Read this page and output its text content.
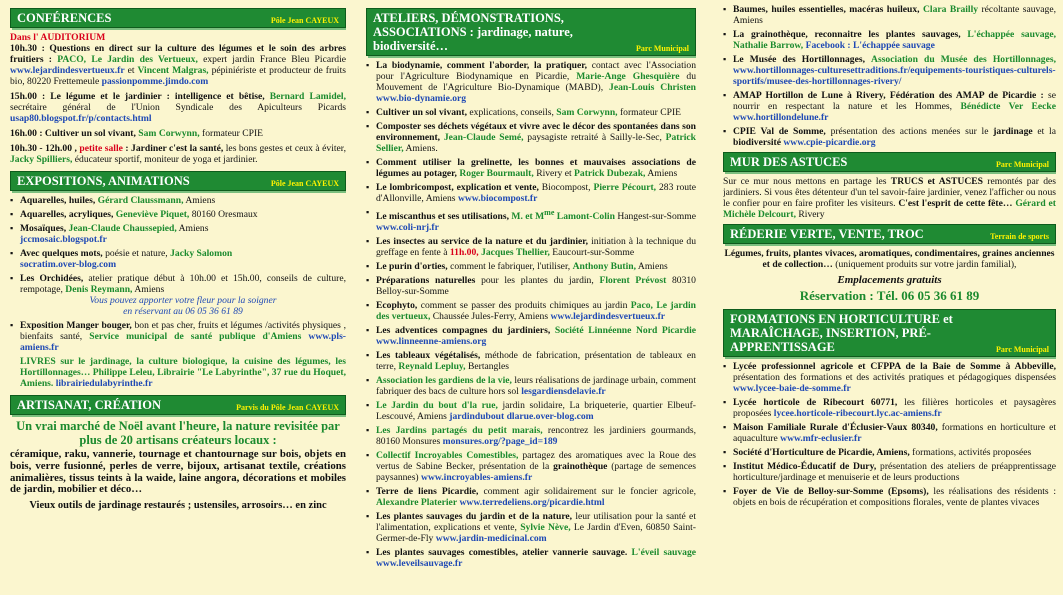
CONFÉRENCES	Pôle Jean CAYEUX
Dans l' AUDITORIUM

10h.30 : Questions en direct sur la culture des légumes et le soin des arbres fruitiers : PACO, Le Jardin des Vertueux, expert jardin France Bleu Picardie www.lejardindesvertueux.fr et Vincent Malgras, pépiniériste et producteur de fruits bio, 80220 Frettemeule passionpomme.jimdo.com

15h.00 : Le légume et le jardinier : intelligence et bêtise, Bernard Lamidel, secrétaire général de l'Union Syndicale des Apiculteurs Picards usap80.blogspot.fr/p/contacts.html

16h.00 : Cultiver un sol vivant, Sam Corwynn, formateur CPIE

10h.30 - 12h.00 , petite salle : Jardiner c'est la santé, les bons gestes et ceux à éviter, Jacky Spilliers, éducateur sportif, moniteur de yoga et jardinier.

EXPOSITIONS, ANIMATIONS	Pôle Jean CAYEUX
▪ Aquarelles, huiles, Gérard Claussmann, Amiens
▪ Aquarelles, acryliques, Geneviève Piquet, 80160 Oresmaux
▪ Mosaïques, Jean-Claude Chaussepied, Amiens
jccmosaic.blogspot.fr
▪ Avec quelques mots, poésie et nature, Jacky Salomon
socratim.over-blog.com
▪ Les Orchidées, atelier pratique début à 10h.00 et 15h.00, conseils de culture, rempotage, Denis Reymann, Amiens

Vous pouvez apporter votre fleur pour la soigner
en réservant au 06 05 36 61 89
▪ Exposition Manger bouger, bon et pas cher, fruits et légumes /activités physiques , bienfaits santé, Service municipal de santé publique d'Amiens www.pls-amiens.fr

LIVRES sur le jardinage, la culture biologique, la cuisine des légumes, les Hortillonnages… Philippe Leleu, Librairie "Le Labyrinthe", 37 rue du Hoquet, Amiens. librairiedulabyrinthe.fr

ARTISANAT, CRÉATION	Parvis du Pôle Jean CAYEUX
Un vrai marché de Noël avant l'heure, la nature revisitée par plus de 20 artisans créateurs locaux :
céramique, raku, vannerie, tournage et chantournage sur bois, objets en bois, verre fusionné, perles de verre, bijoux, artisanat textile, créations animalières, tissus teints à la waide, laine angora, décorations et mobiles de jardin, mobilier et déco…
Vieux outils de jardinage restaurés ; ustensiles, arrosoirs… en zinc
ATELIERS, DÉMONSTRATIONS, ASSOCIATIONS : jardinage, nature, biodiversité…	Parc Municipal
▪ La biodynamie, comment l'aborder, la pratiquer, contact avec l'Association pour l'Agriculture Biodynamique en Picardie, Marie-Ange Ghesquière du Mouvement de l'Agriculture Bio-Dynamique (MABD), Jean-Louis Christen www.bio-dynamie.org
▪ Cultiver un sol vivant, explications, conseils, Sam Corwynn, formateur CPIE
▪ Composter ses déchets végétaux et vivre avec le décor des spontanées dans son environnement, Jean-Claude Semé, paysagiste retraité à Sailly-le-Sec, Patrick Sellier, Amiens.
▪ Comment utiliser la grelinette, les bonnes et mauvaises associations de légumes au potager, Roger Bourmault, Rivery et Patrick Dubezak, Amiens
▪ Le lombricompost, explication et vente, Biocompost, Pierre Pécourt, 283 route d'Allonville, Amiens www.biocompost.fr
▪ Le miscanthus et ses utilisations, M. et $M^{me}$ Lamont-Colin Hangest-sur-Somme www.coli-nrj.fr
▪ Les insectes au service de la nature et du jardinier, initiation à la technique du greffage en fente à 11h.00, Jacques Thellier, Eaucourt-sur-Somme
▪ Le purin d'orties, comment le fabriquer, l'utiliser, Anthony Butin, Amiens
▪ Préparations naturelles pour les plantes du jardin, Florent Prévost 80310 Belloy-sur-Somme
▪ Ecophyto, comment se passer des produits chimiques au jardin Paco, Le jardin des vertueux, Chaussée Jules-Ferry, Amiens www.lejardindesvertueux.fr
▪ Les adventices compagnes du jardiniers, Société Linnéenne Nord Picardie www.linneenne-amiens.org
▪ Les tableaux végétalisés, méthode de fabrication, présentation de tableaux en terre, Reynald Lepluy, Bertangles
▪ Association les gardiens de la vie, leurs réalisations de jardinage urbain, comment fabriquer des bacs de culture hors sol lesgardiensdelavie.fr
▪ Le Jardin du bout d'la rue, jardin solidaire, La briqueterie, quartier Elbeuf-Lescouvé, Amiens jardindubout dlarue.over-blog.com
▪ Les Jardins partagés du petit marais, rencontrez les jardiniers gourmands, 80160 Monsures monsures.org/?page_id=189
▪ Collectif Incroyables Comestibles, partagez des aromatiques avec la Roue des vertus de Sabine Becker, présentation de la grainothèque (partage de semences paysannes) www.incroyables-amiens.fr
▪ Terre de liens Picardie, comment agir solidairement sur le foncier agricole, Alexandre Platerier www.terredeliens.org/picardie.html
▪ Les plantes sauvages du jardin et de la nature, leur utilisation pour la santé et l'alimentation, explications et vente, Sylvie Nève, Le Jardin d'Even, 60850 Saint-Germer-de-Fly www.jardin-medicinal.com
▪ Les plantes sauvages comestibles, atelier vannerie sauvage. L'éveil sauvage www.leveilsauvage.fr
▪ Baumes, huiles essentielles, macéras huileux, Clara Brailly récoltante sauvage, Amiens
▪ La grainothèque, reconnaitre les plantes sauvages, L'échappée sauvage, Nathalie Barrow, Facebook : L'échappée sauvage
▪ Le Musée des Hortillonnages, Association du Musée des Hortillonnages, www.hortillonnages-culturesettraditions.fr/equipements-touristiques-culturels-sportifs/musee-des-hortillonnages-rivery/
▪ AMAP Hortillon de Lune à Rivery, Fédération des AMAP de Picardie : se nourrir en respectant la nature et les Hommes, Bénédicte Ver Eecke www.hortillondelune.fr
▪ CPIE Val de Somme, présentation des actions menées sur le jardinage et la biodiversité www.cpie-picardie.org
MUR DES ASTUCES	Parc Municipal

Sur ce mur nous mettons en partage les TRUCS et ASTUCES remontés par des jardiniers. Si vous êtes détenteur d'un tel savoir-faire jardinier, venez l'afficher ou nous le confier pour en faire profiter les visiteurs. C'est l'esprit de cette fête… Gérard et Michèle Delcourt, Rivery

RÉDERIE VERTE, VENTE, TROC	Terrain de sports

Légumes, fruits, plantes vivaces, aromatiques, condimentaires, graines anciennes et de collection… (uniquement produits sur votre jardin familial),

Emplacements gratuits
Réservation : Tél. 06 05 36 61 89
FORMATIONS EN HORTICULTURE et MARAÎCHAGE, INSERTION, PRÉ-APPRENTISSAGE	Parc Municipal
▪ Lycée professionnel agricole et CFPPA de la Baie de Somme à Abbeville, présentation des formations et des activités pratiques et pédagogiques dispensées www.lycee-baie-de-somme.fr
▪ Lycée horticole de Ribecourt 60771, les filières horticoles et paysagères proposées lycee.horticole-ribecourt.lyc.ac-amiens.fr
▪ Maison Familiale Rurale d'Éclusier-Vaux 80340, formations en horticulture et aquaculture www.mfr-eclusier.fr
▪ Société d'Horticulture de Picardie, Amiens, formations, activités proposées
▪ Institut Médico-Éducatif de Dury, présentation des ateliers de préapprentissage horticulture/jardinage et menuiserie et de leurs productions
▪ Foyer de Vie de Belloy-sur-Somme (Epsoms), les réalisations des résidents : objets en bois de récupération et compositions florales, vente de plantes vivaces
